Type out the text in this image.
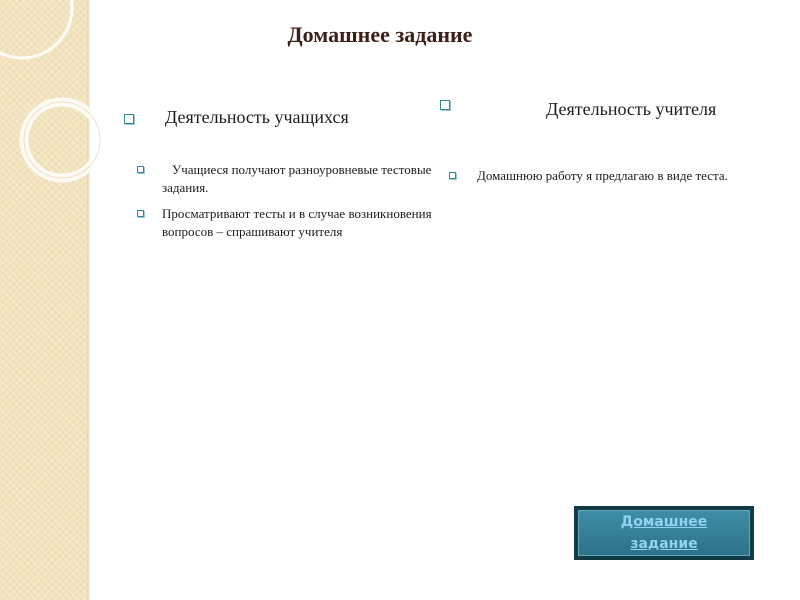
Домашнее задание
Деятельность учащихся
Учащиеся получают разноуровневые тестовые задания.
Просматривают тесты и в случае возникновения вопросов – спрашивают учителя
Деятельность учителя
Домашнюю работу я предлагаю в виде теста.
Домашнее задание
